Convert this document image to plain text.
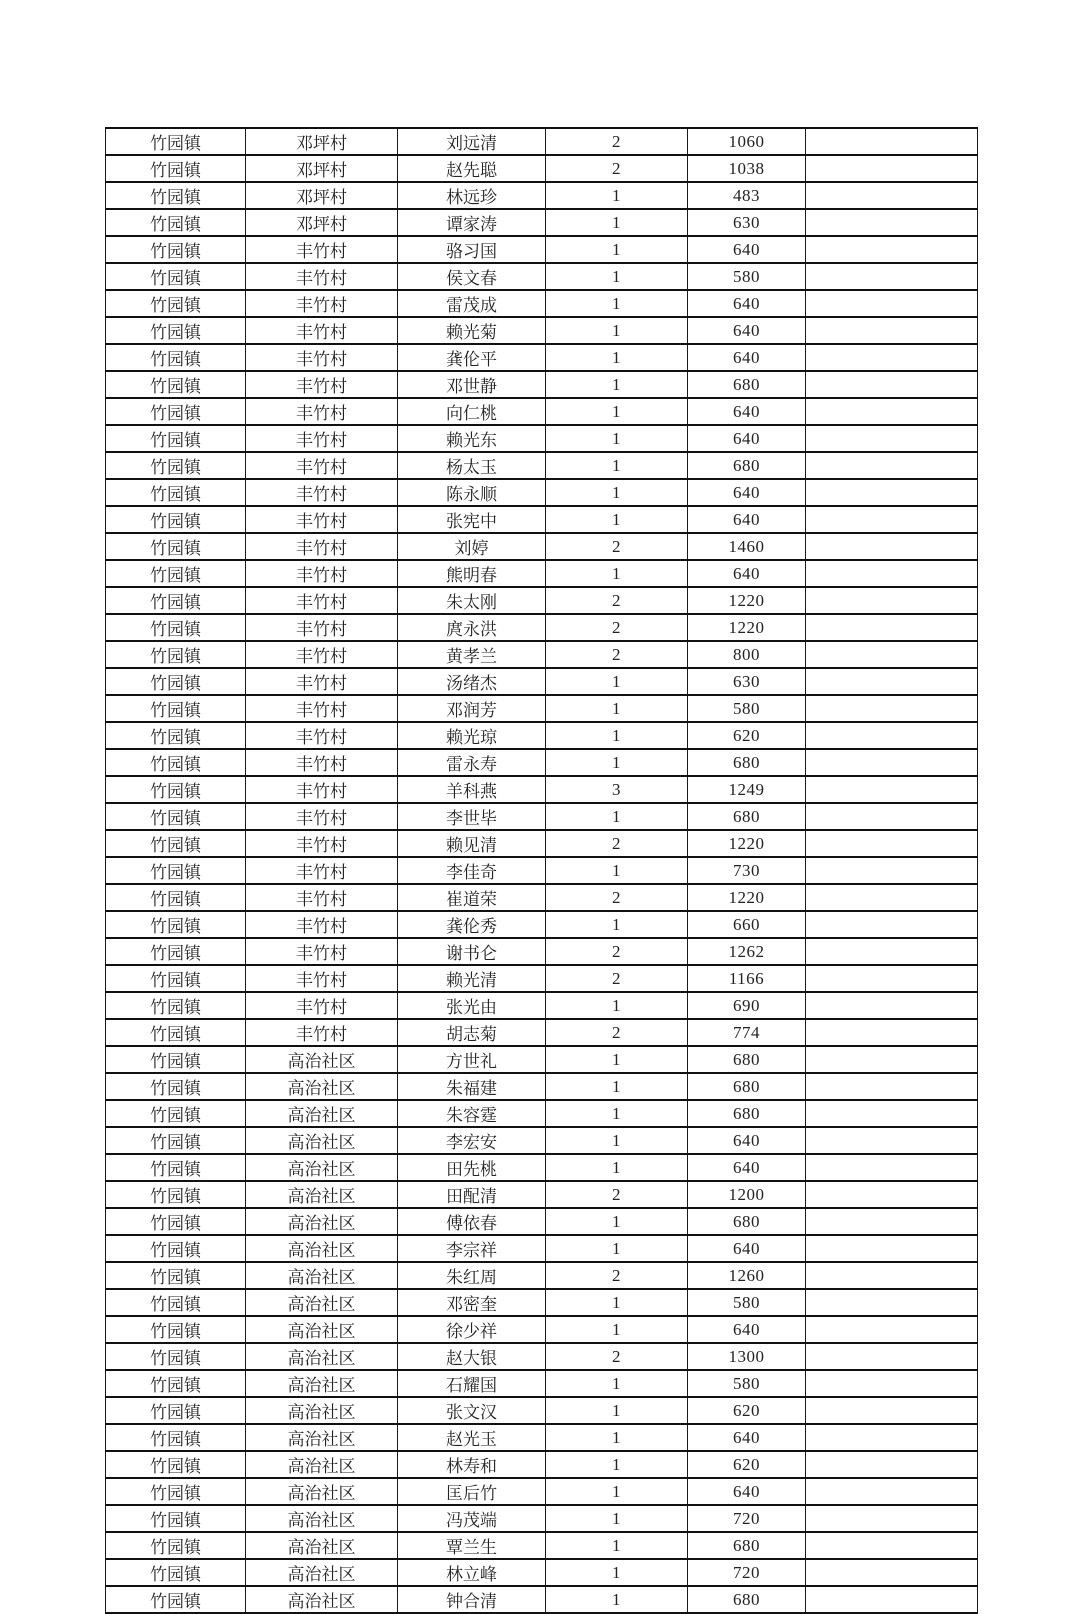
竹园镇	邓坪村	刘远清	2	1060	
竹园镇	邓坪村	赵先聪	2	1038	
竹园镇	邓坪村	林远珍	1	483	
竹园镇	邓坪村	谭家涛	1	630	
竹园镇	丰竹村	骆习国	1	640	
竹园镇	丰竹村	侯文春	1	580	
竹园镇	丰竹村	雷茂成	1	640	
竹园镇	丰竹村	赖光菊	1	640	
竹园镇	丰竹村	龚伦平	1	640	
竹园镇	丰竹村	邓世静	1	680	
竹园镇	丰竹村	向仁桃	1	640	
竹园镇	丰竹村	赖光东	1	640	
竹园镇	丰竹村	杨太玉	1	680	
竹园镇	丰竹村	陈永顺	1	640	
竹园镇	丰竹村	张宪中	1	640	
竹园镇	丰竹村	刘婷	2	1460	
竹园镇	丰竹村	熊明春	1	640	
竹园镇	丰竹村	朱太刚	2	1220	
竹园镇	丰竹村	庹永洪	2	1220	
竹园镇	丰竹村	黄孝兰	2	800	
竹园镇	丰竹村	汤绪杰	1	630	
竹园镇	丰竹村	邓润芳	1	580	
竹园镇	丰竹村	赖光琼	1	620	
竹园镇	丰竹村	雷永寿	1	680	
竹园镇	丰竹村	羊科燕	3	1249	
竹园镇	丰竹村	李世毕	1	680	
竹园镇	丰竹村	赖见清	2	1220	
竹园镇	丰竹村	李佳奇	1	730	
竹园镇	丰竹村	崔道荣	2	1220	
竹园镇	丰竹村	龚伦秀	1	660	
竹园镇	丰竹村	谢书仑	2	1262	
竹园镇	丰竹村	赖光清	2	1166	
竹园镇	丰竹村	张光由	1	690	
竹园镇	丰竹村	胡志菊	2	774	
竹园镇	高治社区	方世礼	1	680	
竹园镇	高治社区	朱福建	1	680	
竹园镇	高治社区	朱容霆	1	680	
竹园镇	高治社区	李宏安	1	640	
竹园镇	高治社区	田先桃	1	640	
竹园镇	高治社区	田配清	2	1200	
竹园镇	高治社区	傅依春	1	680	
竹园镇	高治社区	李宗祥	1	640	
竹园镇	高治社区	朱红周	2	1260	
竹园镇	高治社区	邓密奎	1	580	
竹园镇	高治社区	徐少祥	1	640	
竹园镇	高治社区	赵大银	2	1300	
竹园镇	高治社区	石耀国	1	580	
竹园镇	高治社区	张文汉	1	620	
竹园镇	高治社区	赵光玉	1	640	
竹园镇	高治社区	林寿和	1	620	
竹园镇	高治社区	匡后竹	1	640	
竹园镇	高治社区	冯茂端	1	720	
竹园镇	高治社区	覃兰生	1	680	
竹园镇	高治社区	林立峰	1	720	
竹园镇	高治社区	钟合清	1	680	
